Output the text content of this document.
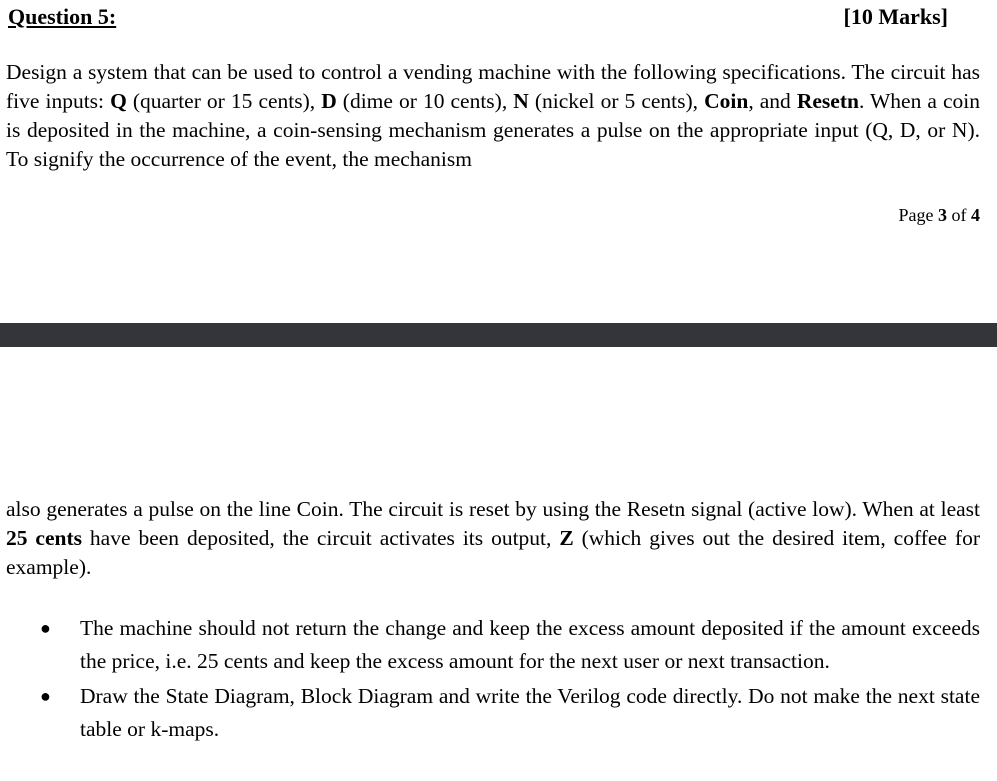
Question 5:	[10 Marks]

Design a system that can be used to control a vending machine with the following specifications. The circuit has five inputs: Q (quarter or 15 cents), D (dime or 10 cents), N (nickel or 5 cents), Coin, and Resetn. When a coin is deposited in the machine, a coin-sensing mechanism generates a pulse on the appropriate input (Q, D, or N). To signify the occurrence of the event, the mechanism

Page 3 of 4

also generates a pulse on the line Coin. The circuit is reset by using the Resetn signal (active low). When at least 25 cents have been deposited, the circuit activates its output, Z (which gives out the desired item, coffee for example).

● The machine should not return the change and keep the excess amount deposited if the amount exceeds the price, i.e. 25 cents and keep the excess amount for the next user or next transaction.
● Draw the State Diagram, Block Diagram and write the Verilog code directly. Do not make the next state table or k-maps.
